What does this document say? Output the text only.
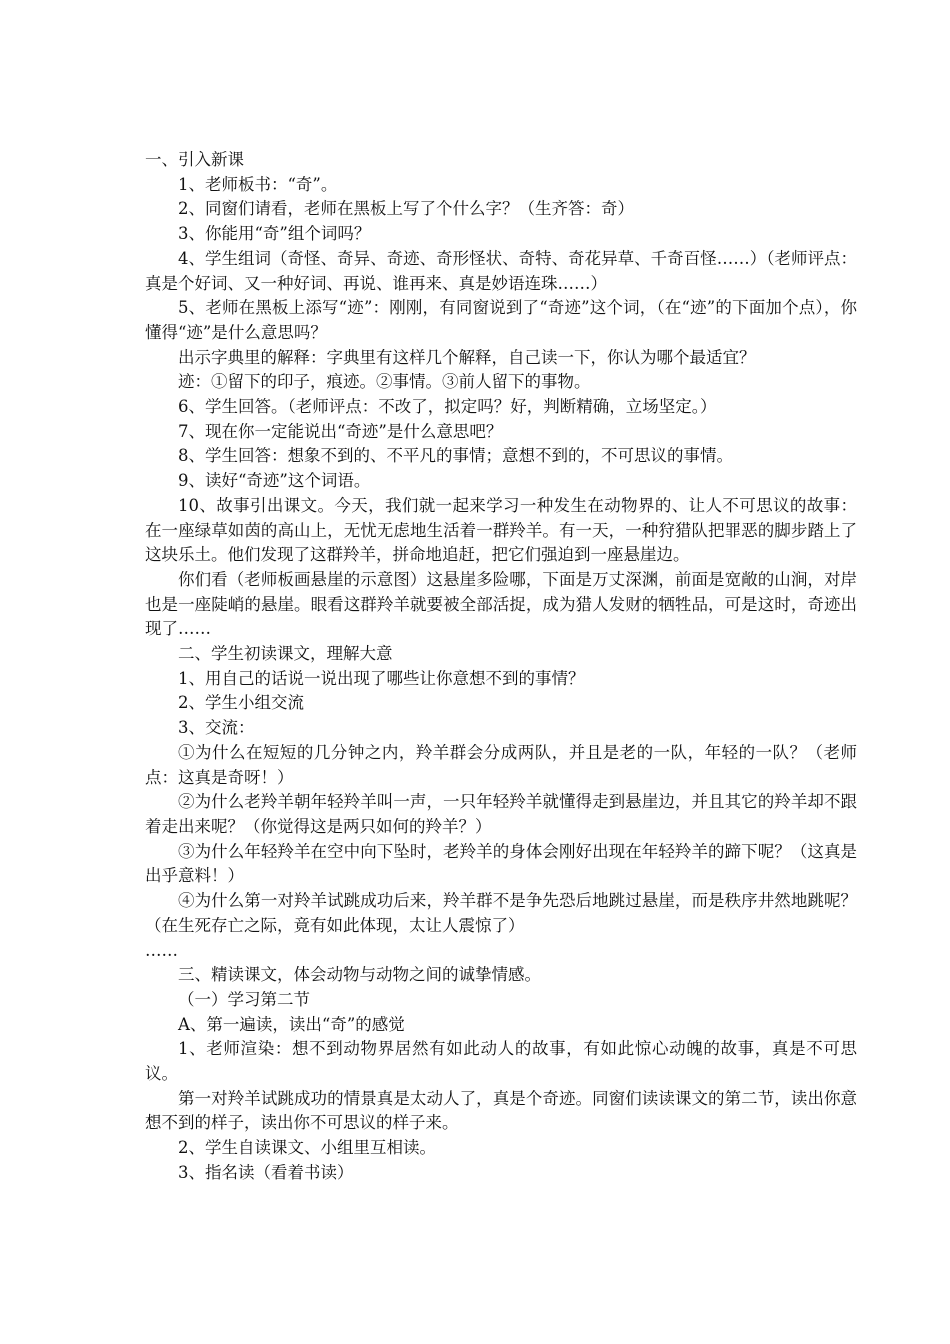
一、引入新课

1、老师板书：“奇”。

2、同窗们请看，老师在黑板上写了个什么字？（生齐答：奇）

3、你能用“奇”组个词吗？

4、学生组词（奇怪、奇异、奇迹、奇形怪状、奇特、奇花异草、千奇百怪……）（老师评点：真是个好词、又一种好词、再说、谁再来、真是妙语连珠……）

5、老师在黑板上添写“迹”：刚刚，有同窗说到了“奇迹”这个词，（在“迹”的下面加个点），你懂得“迹”是什么意思吗？

出示字典里的解释：字典里有这样几个解释，自己读一下，你认为哪个最适宜？

迹：①留下的印子，痕迹。②事情。③前人留下的事物。

6、学生回答。（老师评点：不改了，拟定吗？好，判断精确，立场坚定。）

7、现在你一定能说出“奇迹”是什么意思吧？

8、学生回答：想象不到的、不平凡的事情；意想不到的，不可思议的事情。

9、读好“奇迹”这个词语。

10、故事引出课文。今天，我们就一起来学习一种发生在动物界的、让人不可思议的故事：在一座绿草如茵的高山上，无忧无虑地生活着一群羚羊。有一天，一种狩猎队把罪恶的脚步踏上了这块乐土。他们发现了这群羚羊，拼命地追赶，把它们强迫到一座悬崖边。

你们看（老师板画悬崖的示意图）这悬崖多险哪，下面是万丈深渊，前面是宽敞的山涧，对岸也是一座陡峭的悬崖。眼看这群羚羊就要被全部活捉，成为猎人发财的牺牲品，可是这时，奇迹出现了……

二、学生初读课文，理解大意

1、用自己的话说一说出现了哪些让你意想不到的事情？

2、学生小组交流

3、交流：

①为什么在短短的几分钟之内，羚羊群会分成两队，并且是老的一队，年轻的一队？（老师点：这真是奇呀！）

②为什么老羚羊朝年轻羚羊叫一声，一只年轻羚羊就懂得走到悬崖边，并且其它的羚羊却不跟着走出来呢？（你觉得这是两只如何的羚羊？）

③为什么年轻羚羊在空中向下坠时，老羚羊的身体会刚好出现在年轻羚羊的蹄下呢？（这真是出乎意料！）

④为什么第一对羚羊试跳成功后来，羚羊群不是争先恐后地跳过悬崖，而是秩序井然地跳呢？（在生死存亡之际，竟有如此体现，太让人震惊了）

……

三、精读课文，体会动物与动物之间的诚挚情感。

（一）学习第二节

A、第一遍读，读出“奇”的感觉

1、老师渲染：想不到动物界居然有如此动人的故事，有如此惊心动魄的故事，真是不可思议。

第一对羚羊试跳成功的情景真是太动人了，真是个奇迹。同窗们读读课文的第二节，读出你意想不到的样子，读出你不可思议的样子来。

2、学生自读课文、小组里互相读。

3、指名读（看着书读）
